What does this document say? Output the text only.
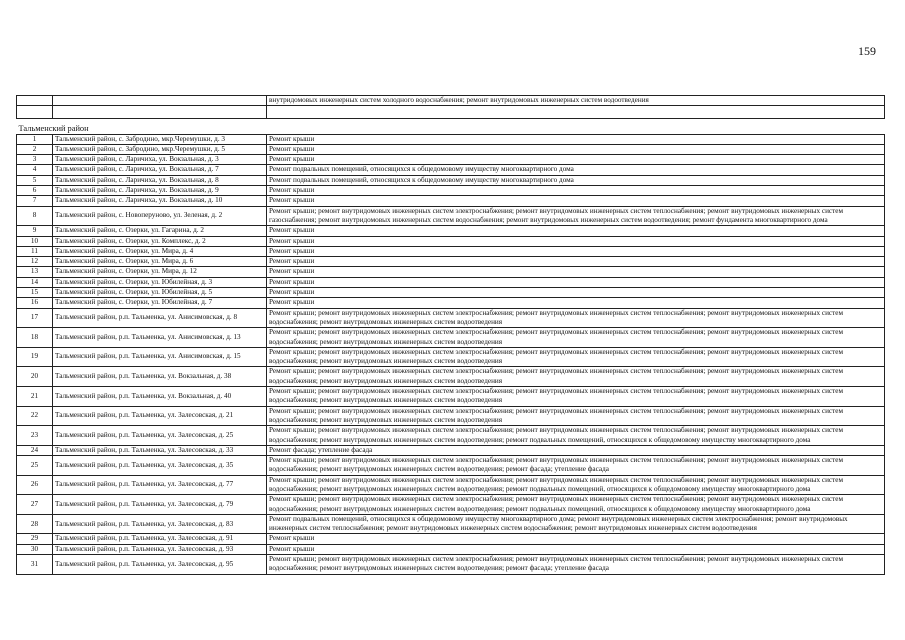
159
		внутридомовых инженерных систем холодного водоснабжения; ремонт внутридомовых инженерных систем водоотведения

Тальменский район		
1	Тальменский район, с. Забродино, мкр.Черемушки, д. 3	Ремонт крыши
2	Тальменский район, с. Забродино, мкр.Черемушки, д. 5	Ремонт крыши
3	Тальменский район, с. Ларичиха, ул. Вокзальная, д. 3	Ремонт крыши
4	Тальменский район, с. Ларичиха, ул. Вокзальная, д. 7	Ремонт подвальных помещений, относящихся к общедомовому имуществу многоквартирного дома
5	Тальменский район, с. Ларичиха, ул. Вокзальная, д. 8	Ремонт подвальных помещений, относящихся к общедомовому имуществу многоквартирного дома
6	Тальменский район, с. Ларичиха, ул. Вокзальная, д. 9	Ремонт крыши
7	Тальменский район, с. Ларичиха, ул. Вокзальная, д. 10	Ремонт крыши
8	Тальменский район, с. Новоперуново, ул. Зеленая, д. 2	Ремонт крыши; ремонт внутридомовых инженерных систем электроснабжения; ремонт внутридомовых инженерных систем теплоснабжения; ремонт внутридомовых инженерных систем газоснабжения; ремонт внутридомовых инженерных систем водоснабжения; ремонт внутридомовых инженерных систем водоотведения; ремонт фундамента многоквартирного дома
9	Тальменский район, с. Озерки, ул. Гагарина, д. 2	Ремонт крыши
10	Тальменский район, с. Озерки, ул. Комплекс, д. 2	Ремонт крыши
11	Тальменский район, с. Озерки, ул. Мира, д. 4	Ремонт крыши
12	Тальменский район, с. Озерки, ул. Мира, д. 6	Ремонт крыши
13	Тальменский район, с. Озерки, ул. Мира, д. 12	Ремонт крыши
14	Тальменский район, с. Озерки, ул. Юбилейная, д. 3	Ремонт крыши
15	Тальменский район, с. Озерки, ул. Юбилейная, д. 5	Ремонт крыши
16	Тальменский район, с. Озерки, ул. Юбилейная, д. 7	Ремонт крыши
17	Тальменский район, р.п. Тальменка, ул. Анисимовская, д. 8	Ремонт крыши; ремонт внутридомовых инженерных систем электроснабжения; ремонт внутридомовых инженерных систем теплоснабжения; ремонт внутридомовых инженерных систем водоснабжения; ремонт внутридомовых инженерных систем водоотведения
18	Тальменский район, р.п. Тальменка, ул. Анисимовская, д. 13	Ремонт крыши; ремонт внутридомовых инженерных систем электроснабжения; ремонт внутридомовых инженерных систем теплоснабжения; ремонт внутридомовых инженерных систем водоснабжения; ремонт внутридомовых инженерных систем водоотведения
19	Тальменский район, р.п. Тальменка, ул. Анисимовская, д. 15	Ремонт крыши; ремонт внутридомовых инженерных систем электроснабжения; ремонт внутридомовых инженерных систем теплоснабжения; ремонт внутридомовых инженерных систем водоснабжения; ремонт внутридомовых инженерных систем водоотведения
20	Тальменский район, р.п. Тальменка, ул. Вокзальная, д. 38	Ремонт крыши; ремонт внутридомовых инженерных систем электроснабжения; ремонт внутридомовых инженерных систем теплоснабжения; ремонт внутридомовых инженерных систем водоснабжения; ремонт внутридомовых инженерных систем водоотведения
21	Тальменский район, р.п. Тальменка, ул. Вокзальная, д. 40	Ремонт крыши; ремонт внутридомовых инженерных систем электроснабжения; ремонт внутридомовых инженерных систем теплоснабжения; ремонт внутридомовых инженерных систем водоснабжения; ремонт внутридомовых инженерных систем водоотведения
22	Тальменский район, р.п. Тальменка, ул. Залесовская, д. 21	Ремонт крыши; ремонт внутридомовых инженерных систем электроснабжения; ремонт внутридомовых инженерных систем теплоснабжения; ремонт внутридомовых инженерных систем водоснабжения; ремонт внутридомовых инженерных систем водоотведения
23	Тальменский район, р.п. Тальменка, ул. Залесовская, д. 25	Ремонт крыши; ремонт внутридомовых инженерных систем электроснабжения; ремонт внутридомовых инженерных систем теплоснабжения; ремонт внутридомовых инженерных систем водоснабжения; ремонт внутридомовых инженерных систем водоотведения; ремонт подвальных помещений, относящихся к общедомовому имуществу многоквартирного дома
24	Тальменский район, р.п. Тальменка, ул. Залесовская, д. 33	Ремонт фасада; утепление фасада
25	Тальменский район, р.п. Тальменка, ул. Залесовская, д. 35	Ремонт крыши; ремонт внутридомовых инженерных систем электроснабжения; ремонт внутридомовых инженерных систем теплоснабжения; ремонт внутридомовых инженерных систем водоснабжения; ремонт внутридомовых инженерных систем водоотведения; ремонт фасада; утепление фасада
26	Тальменский район, р.п. Тальменка, ул. Залесовская, д. 77	Ремонт крыши; ремонт внутридомовых инженерных систем электроснабжения; ремонт внутридомовых инженерных систем теплоснабжения; ремонт внутридомовых инженерных систем водоснабжения; ремонт внутридомовых инженерных систем водоотведения; ремонт подвальных помещений, относящихся к общедомовому имуществу многоквартирного дома
27	Тальменский район, р.п. Тальменка, ул. Залесовская, д. 79	Ремонт крыши; ремонт внутридомовых инженерных систем электроснабжения; ремонт внутридомовых инженерных систем теплоснабжения; ремонт внутридомовых инженерных систем водоснабжения; ремонт внутридомовых инженерных систем водоотведения; ремонт подвальных помещений, относящихся к общедомовому имуществу многоквартирного дома
28	Тальменский район, р.п. Тальменка, ул. Залесовская, д. 83	Ремонт подвальных помещений, относящихся к общедомовому имуществу многоквартирного дома; ремонт внутридомовых инженерных систем электроснабжения; ремонт внутридомовых инженерных систем теплоснабжения; ремонт внутридомовых инженерных систем водоснабжения; ремонт внутридомовых инженерных систем водоотведения
29	Тальменский район, р.п. Тальменка, ул. Залесовская, д. 91	Ремонт крыши
30	Тальменский район, р.п. Тальменка, ул. Залесовская, д. 93	Ремонт крыши
31	Тальменский район, р.п. Тальменка, ул. Залесовская, д. 95	Ремонт крыши; ремонт внутридомовых инженерных систем электроснабжения; ремонт внутридомовых инженерных систем теплоснабжения; ремонт внутридомовых инженерных систем водоснабжения; ремонт внутридомовых инженерных систем водоотведения; ремонт фасада; утепление фасада
